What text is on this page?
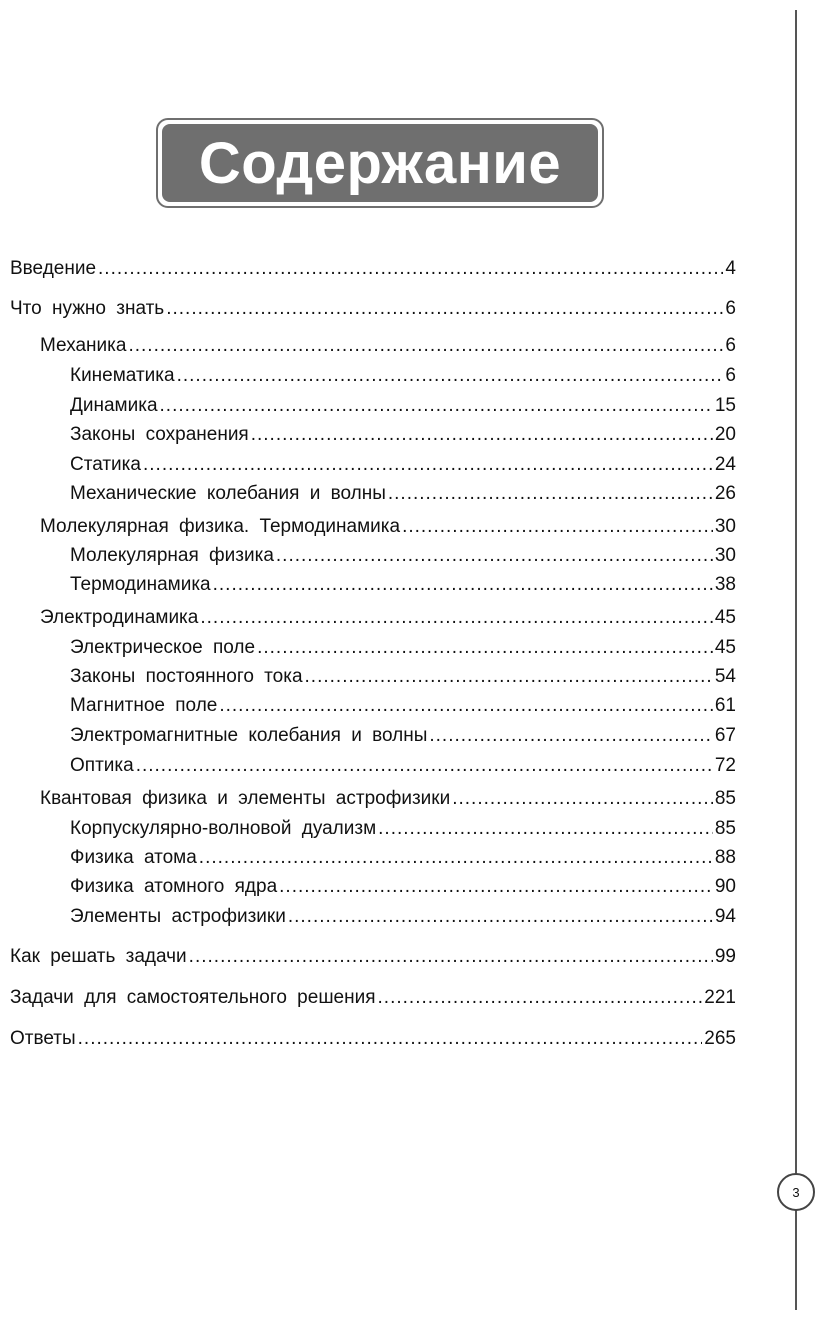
Содержание
Введение .....	4
Что нужно знать .....	6
Механика .....	6
Кинематика .....	6
Динамика .....	15
Законы сохранения .....	20
Статика .....	24
Механические колебания и волны .....	26
Молекулярная физика. Термодинамика .....	30
Молекулярная физика .....	30
Термодинамика .....	38
Электродинамика .....	45
Электрическое поле .....	45
Законы постоянного тока .....	54
Магнитное поле .....	61
Электромагнитные колебания и волны .....	67
Оптика .....	72
Квантовая физика и элементы астрофизики .....	85
Корпускулярно-волновой дуализм .....	85
Физика атома .....	88
Физика атомного ядра .....	90
Элементы астрофизики .....	94
Как решать задачи .....	99
Задачи для самостоятельного решения .....	221
Ответы .....	265
3
